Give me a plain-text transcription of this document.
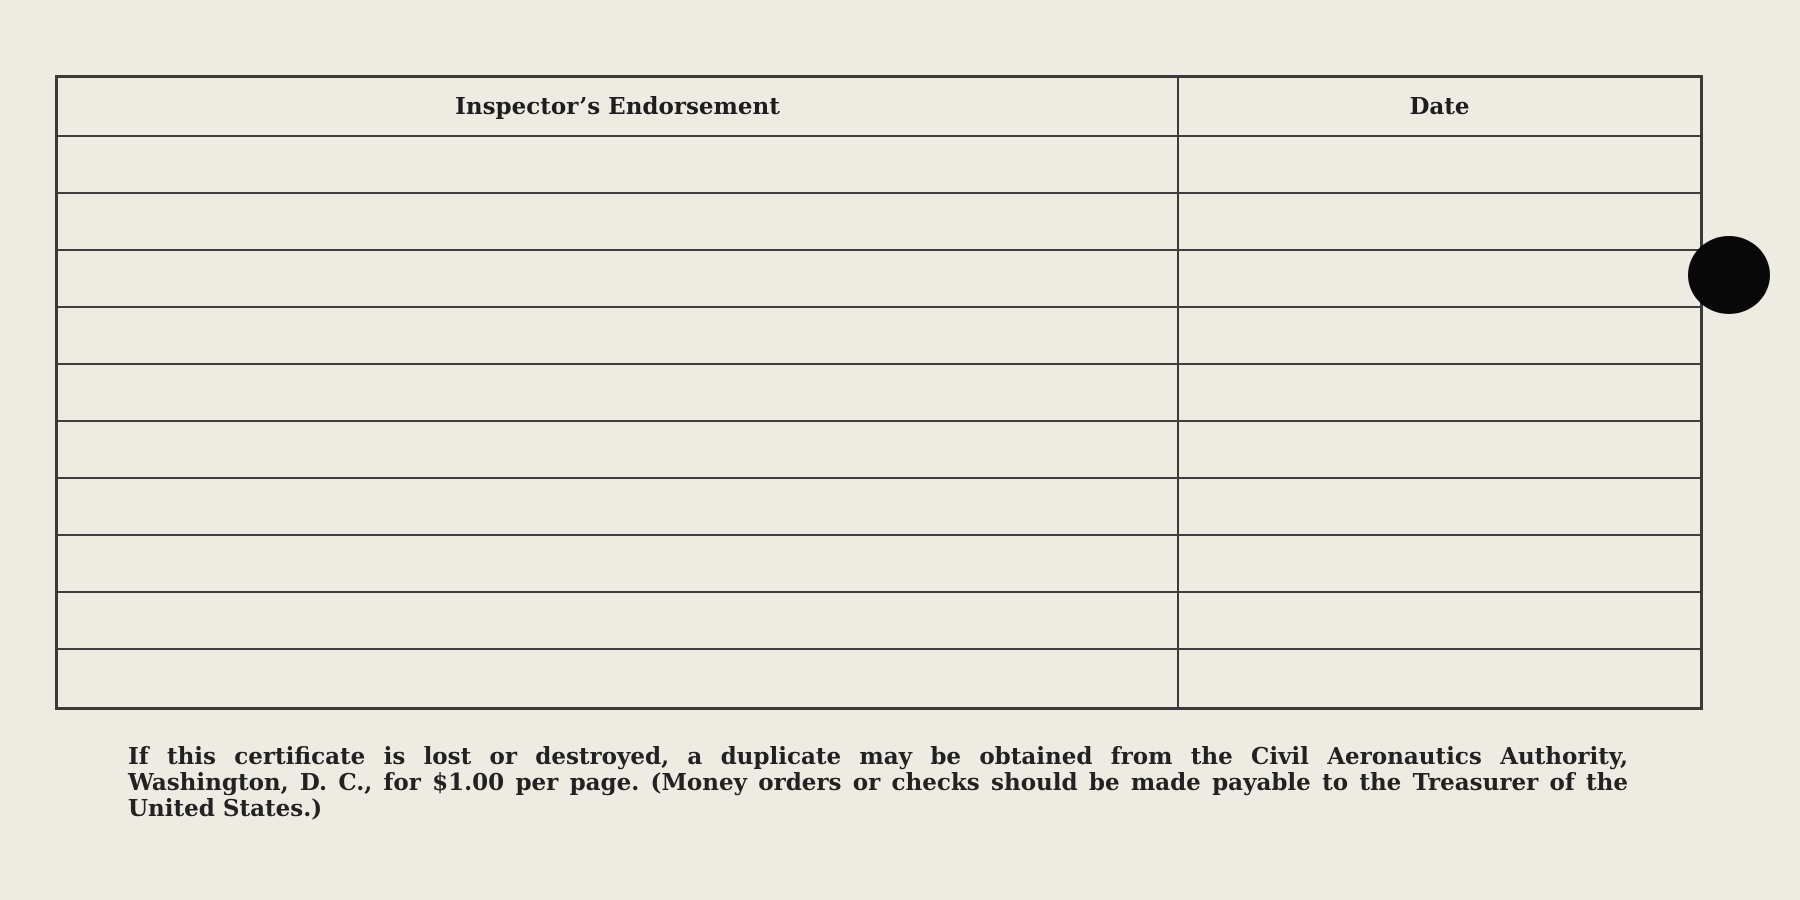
Inspector’s Endorsement	Date
If this certificate is lost or destroyed, a duplicate may be obtained from the Civil Aeronautics Authority, Washington, D. C., for $1.00 per page. (Money orders or checks should be made payable to the Treasurer of the United States.)
